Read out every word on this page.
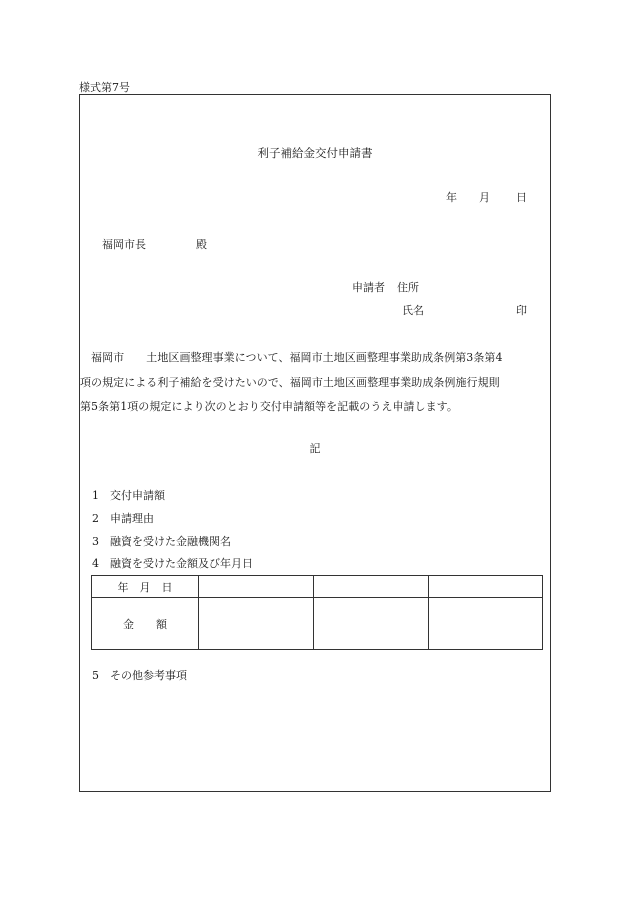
様式第7号
利子補給金交付申請書
年 月 日
福岡市長	殿
申請者 住所
氏名	印
　福岡市　　土地区画整理事業について、福岡市土地区画整理事業助成条例第3条第4
項の規定による利子補給を受けたいので、福岡市土地区画整理事業助成条例施行規則
第5条第1項の規定により次のとおり交付申請額等を記載のうえ申請します。
記
1 交付申請額
2 申請理由
3 融資を受けた金融機関名
4 融資を受けた金額及び年月日
年　月　日			
金　　額			
5 その他参考事項
